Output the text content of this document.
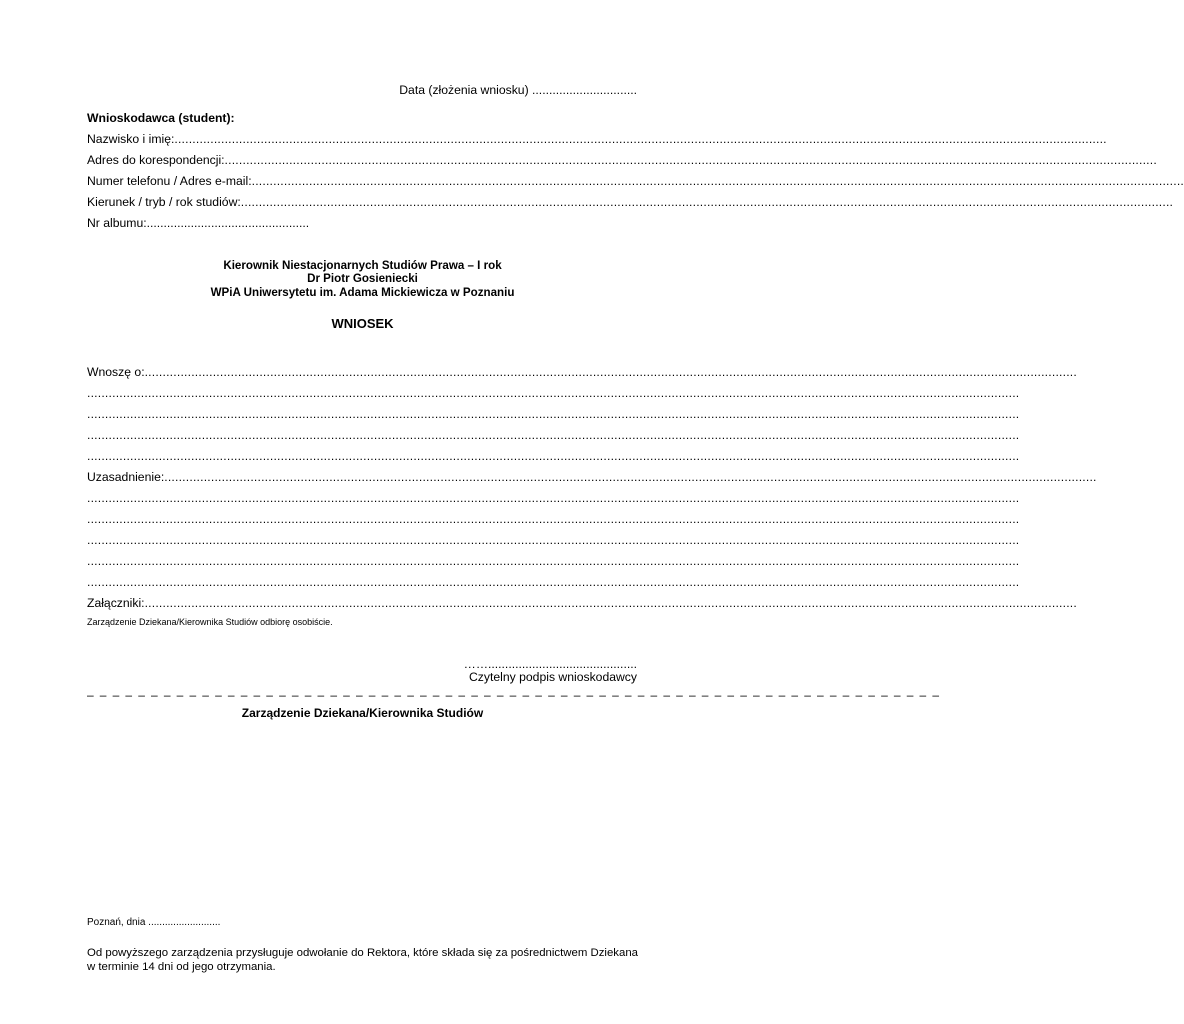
Data (złożenia wniosku) ...............................
Wnioskodawca (student):
Nazwisko i imię: ....................................................................................................................................................................................................................................................................
Adres do korespondencji: ....................................................................................................................................................................................................................................................................
Numer telefonu / Adres e-mail: ....................................................................................................................................................................................................................................................................
Kierunek / tryb / rok studiów: ....................................................................................................................................................................................................................................................................
Nr albumu:................................................
Kierownik Niestacjonarnych Studiów Prawa – I rok
Dr Piotr Gosieniecki
WPiA Uniwersytetu im. Adama Mickiewicza w Poznaniu
WNIOSEK
Wnoszę o: ....................................................................................................................................................................................................................................................................
....................................................................................................................................................................................................................................................................
....................................................................................................................................................................................................................................................................
....................................................................................................................................................................................................................................................................
....................................................................................................................................................................................................................................................................
Uzasadnienie: ....................................................................................................................................................................................................................................................................
....................................................................................................................................................................................................................................................................
....................................................................................................................................................................................................................................................................
....................................................................................................................................................................................................................................................................
....................................................................................................................................................................................................................................................................
....................................................................................................................................................................................................................................................................
Załączniki: ....................................................................................................................................................................................................................................................................
Zarządzenie Dziekana/Kierownika Studiów odbiorę osobiście.
……............................................
Czytelny podpis wnioskodawcy
– – – – – – – – – – – – – – – – – – – – – – – – – – – – – – – – – – – – – – – – – – – – – – – – – – – – – – – – – – – – – – – – – – –
Zarządzenie Dziekana/Kierownika Studiów
Poznań, dnia ..........................
Od powyższego zarządzenia przysługuje odwołanie do Rektora, które składa się za pośrednictwem Dziekana w terminie 14 dni od jego otrzymania.
